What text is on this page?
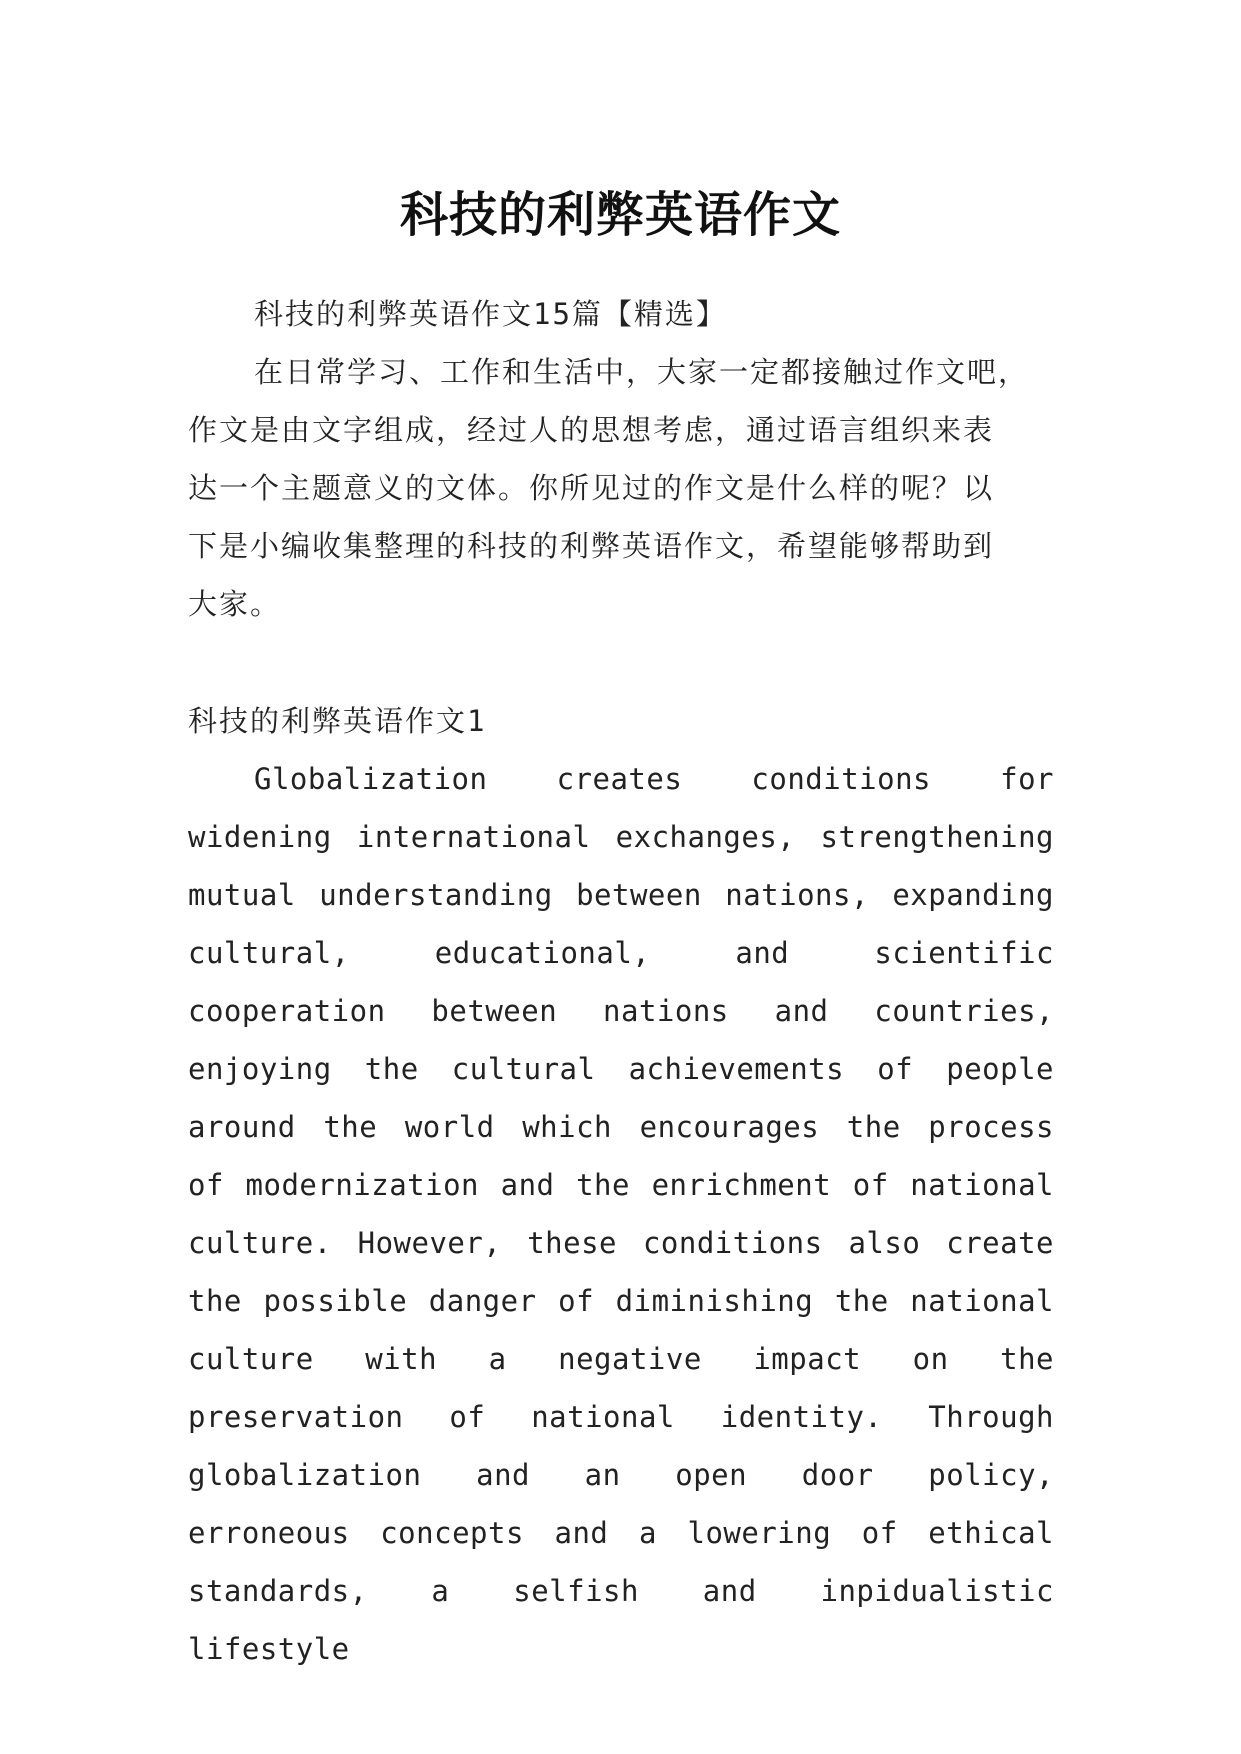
科技的利弊英语作文

科技的利弊英语作文15篇【精选】

在日常学习、工作和生活中，大家一定都接触过作文吧，

作文是由文字组成，经过人的思想考虑，通过语言组织来表

达一个主题意义的文体。你所见过的作文是什么样的呢？以

下是小编收集整理的科技的利弊英语作文，希望能够帮助到

大家。

科技的利弊英语作文1

Globalization creates conditions for widening international exchanges, strengthening mutual understanding between nations, expanding cultural, educational, and scientific cooperation between nations and countries, enjoying the cultural achievements of people around the world which encourages the process of modernization and the enrichment of national culture. However, these conditions also create the possible danger of diminishing the national culture with a negative impact on the preservation of national identity. Through globalization and an open door policy, erroneous concepts and a lowering of ethical standards, a selfish and inpidualistic lifestyle
